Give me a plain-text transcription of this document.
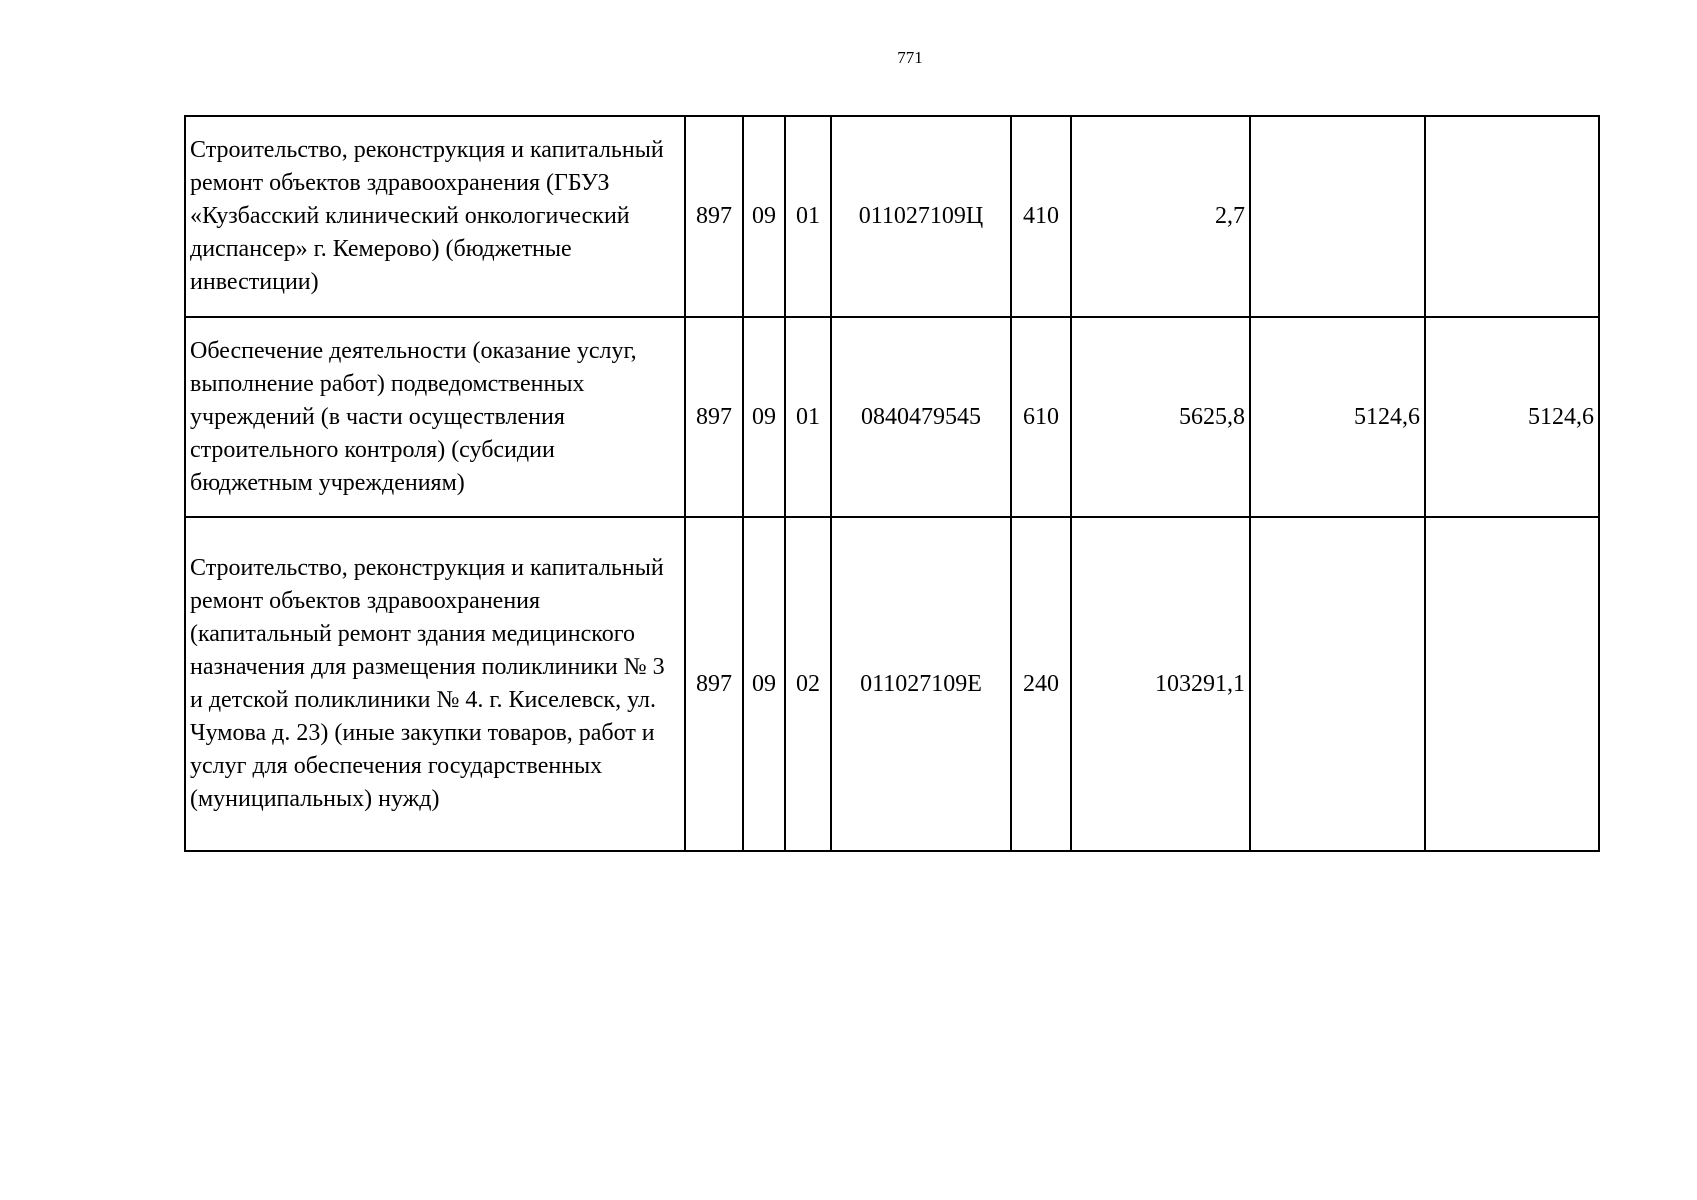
771
Строительство, реконструкция и капитальный ремонт объектов здравоохранения (ГБУЗ «Кузбасский клинический онкологический диспансер» г. Кемерово) (бюджетные инвестиции)	897	09	01	011027109Ц	410	2,7		
Обеспечение деятельности (оказание услуг, выполнение работ) подведомственных учреждений (в части осуществления строительного контроля) (субсидии бюджетным учреждениям)	897	09	01	0840479545	610	5625,8	5124,6	5124,6
Строительство, реконструкция и капитальный ремонт объектов здравоохранения (капитальный ремонт здания медицинского назначения для размещения поликлиники № 3 и детской поликлиники № 4. г. Киселевск, ул. Чумова д. 23) (иные закупки товаров, работ и услуг для обеспечения государственных (муниципальных) нужд)	897	09	02	011027109Е	240	103291,1		
